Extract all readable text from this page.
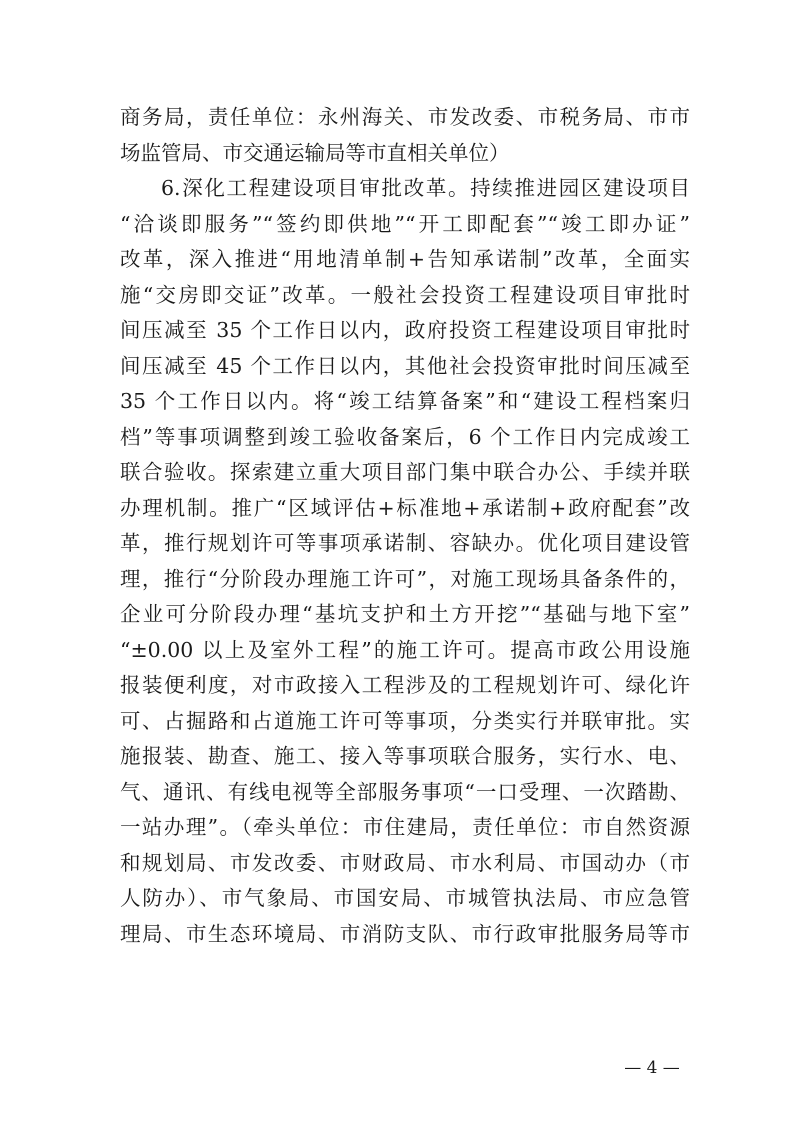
商务局，责任单位：永州海关、市发改委、市税务局、市市
场监管局、市交通运输局等市直相关单位）
6.深化工程建设项目审批改革。持续推进园区建设项目
“洽谈即服务”“签约即供地”“开工即配套”“竣工即办证”
改革，深入推进“用地清单制+告知承诺制”改革，全面实
施“交房即交证”改革。一般社会投资工程建设项目审批时
间压减至 35 个工作日以内，政府投资工程建设项目审批时
间压减至 45 个工作日以内，其他社会投资审批时间压减至
35 个工作日以内。将“竣工结算备案”和“建设工程档案归
档”等事项调整到竣工验收备案后，6 个工作日内完成竣工
联合验收。探索建立重大项目部门集中联合办公、手续并联
办理机制。推广“区域评估+标准地+承诺制+政府配套”改
革，推行规划许可等事项承诺制、容缺办。优化项目建设管
理，推行“分阶段办理施工许可”，对施工现场具备条件的，
企业可分阶段办理“基坑支护和土方开挖”“基础与地下室”
“±0.00 以上及室外工程”的施工许可。提高市政公用设施
报装便利度，对市政接入工程涉及的工程规划许可、绿化许
可、占掘路和占道施工许可等事项，分类实行并联审批。实
施报装、勘查、施工、接入等事项联合服务，实行水、电、
气、通讯、有线电视等全部服务事项“一口受理、一次踏勘、
一站办理”。（牵头单位：市住建局，责任单位：市自然资源
和规划局、市发改委、市财政局、市水利局、市国动办（市
人防办）、市气象局、市国安局、市城管执法局、市应急管
理局、市生态环境局、市消防支队、市行政审批服务局等市
— 4 —
